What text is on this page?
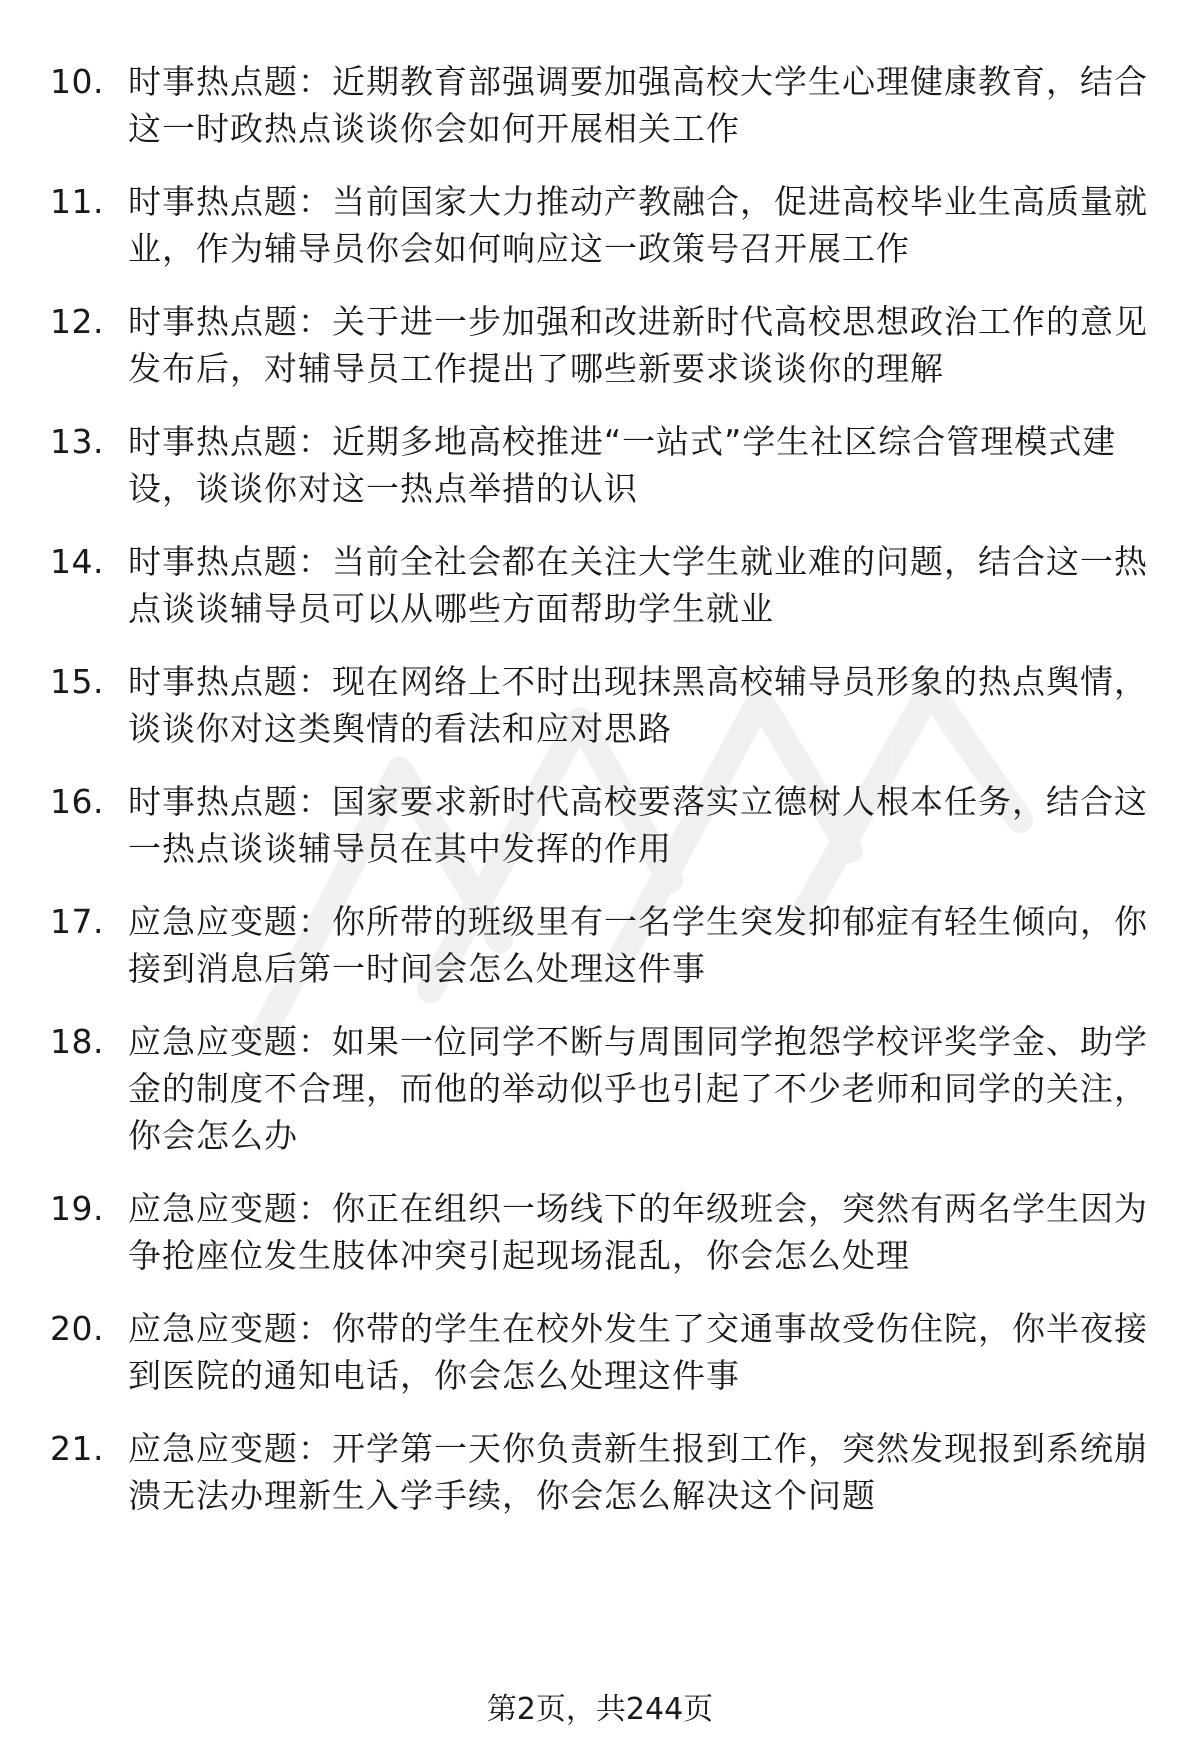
10. 时事热点题：近期教育部强调要加强高校大学生心理健康教育，结合这一时政热点谈谈你会如何开展相关工作
11. 时事热点题：当前国家大力推动产教融合，促进高校毕业生高质量就业，作为辅导员你会如何响应这一政策号召开展工作
12. 时事热点题：关于进一步加强和改进新时代高校思想政治工作的意见发布后，对辅导员工作提出了哪些新要求谈谈你的理解
13. 时事热点题：近期多地高校推进“一站式”学生社区综合管理模式建设，谈谈你对这一热点举措的认识
14. 时事热点题：当前全社会都在关注大学生就业难的问题，结合这一热点谈谈辅导员可以从哪些方面帮助学生就业
15. 时事热点题：现在网络上不时出现抹黑高校辅导员形象的热点舆情，谈谈你对这类舆情的看法和应对思路
16. 时事热点题：国家要求新时代高校要落实立德树人根本任务，结合这一热点谈谈辅导员在其中发挥的作用
17. 应急应变题：你所带的班级里有一名学生突发抑郁症有轻生倾向，你接到消息后第一时间会怎么处理这件事
18. 应急应变题：如果一位同学不断与周围同学抱怨学校评奖学金、助学金的制度不合理，而他的举动似乎也引起了不少老师和同学的关注，你会怎么办
19. 应急应变题：你正在组织一场线下的年级班会，突然有两名学生因为争抢座位发生肢体冲突引起现场混乱，你会怎么处理
20. 应急应变题：你带的学生在校外发生了交通事故受伤住院，你半夜接到医院的通知电话，你会怎么处理这件事
21. 应急应变题：开学第一天你负责新生报到工作，突然发现报到系统崩溃无法办理新生入学手续，你会怎么解决这个问题
第2页，共244页
